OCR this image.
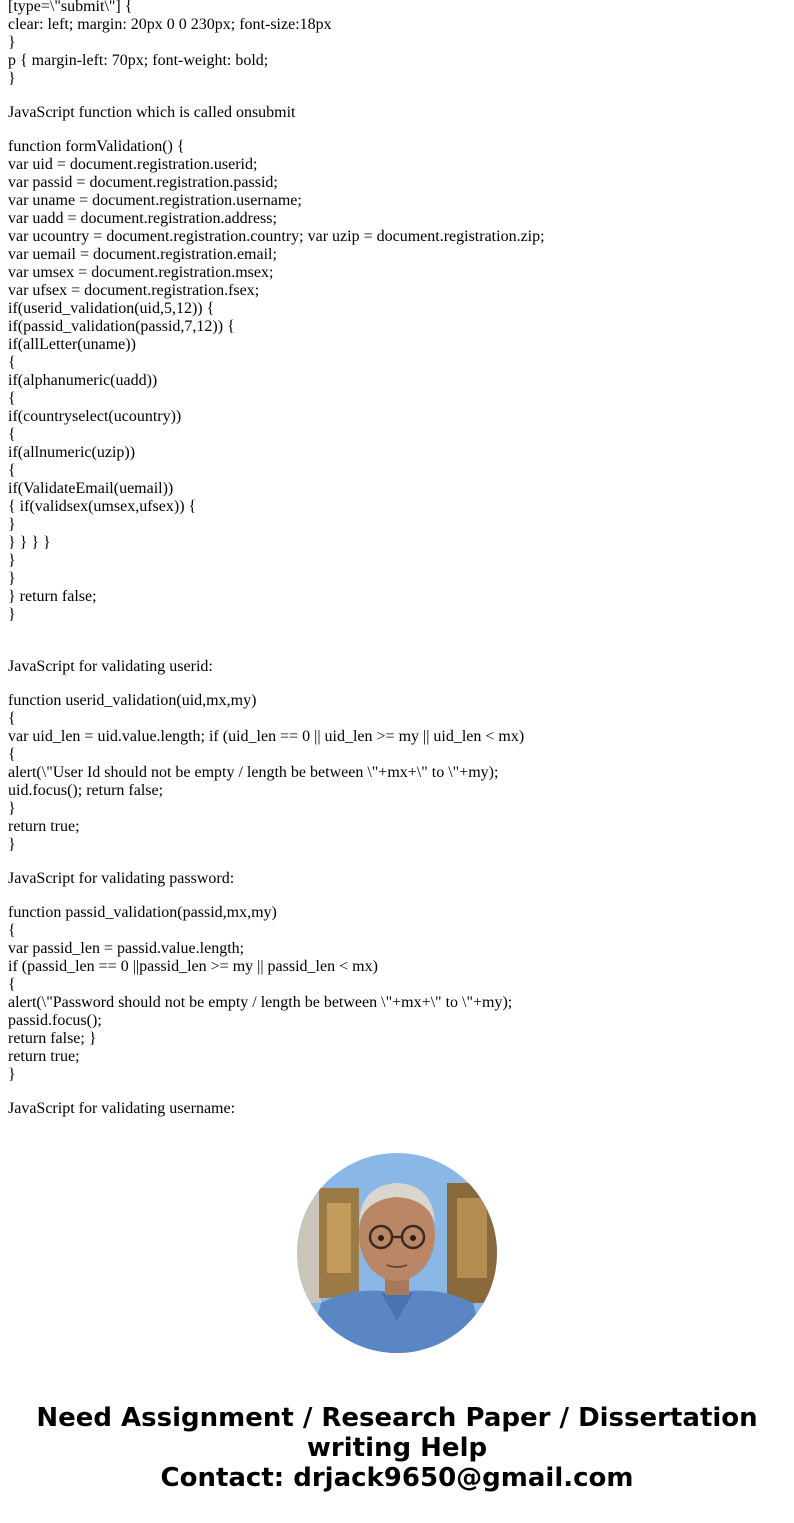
[type=\"submit\"] {
clear: left; margin: 20px 0 0 230px; font-size:18px
}
p { margin-left: 70px; font-weight: bold;
}
JavaScript function which is called onsubmit
function formValidation() {
var uid = document.registration.userid;
var passid = document.registration.passid;
var uname = document.registration.username;
var uadd = document.registration.address;
var ucountry = document.registration.country; var uzip = document.registration.zip;
var uemail = document.registration.email;
var umsex = document.registration.msex;
var ufsex = document.registration.fsex;
if(userid_validation(uid,5,12)) {
if(passid_validation(passid,7,12)) {
if(allLetter(uname))
{
if(alphanumeric(uadd))
{
if(countryselect(ucountry))
{
if(allnumeric(uzip))
{
if(ValidateEmail(uemail))
{ if(validsex(umsex,ufsex)) {
}
} } } }
}
}
} return false;
}
JavaScript for validating userid:
function userid_validation(uid,mx,my)
{
var uid_len = uid.value.length; if (uid_len == 0 || uid_len >= my || uid_len < mx)
{
alert(\"User Id should not be empty / length be between \"+mx+\" to \"+my);
uid.focus(); return false;
}
return true;
}
JavaScript for validating password:
function passid_validation(passid,mx,my)
{
var passid_len = passid.value.length;
if (passid_len == 0 ||passid_len >= my || passid_len < mx)
{
alert(\"Password should not be empty / length be between \"+mx+\" to \"+my);
passid.focus();
return false; }
return true;
}
JavaScript for validating username:
Need Assignment / Research Paper / Dissertation
writing Help
Contact: drjack9650@gmail.com
